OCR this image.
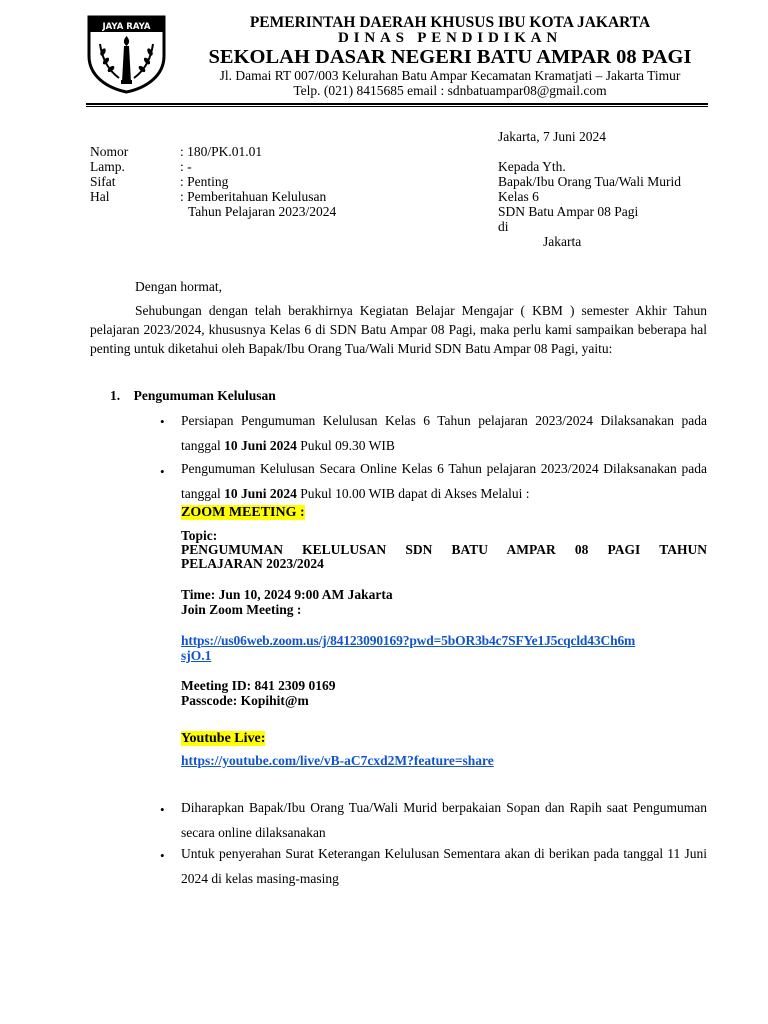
JAYA RAYA	PEMERINTAH DAERAH KHUSUS IBU KOTA JAKARTA
DINAS PENDIDIKAN
SEKOLAH DASAR NEGERI BATU AMPAR 08 PAGI
Jl. Damai RT 007/003 Kelurahan Batu Ampar Kecamatan Kramatjati – Jakarta Timur
Telp. (021) 8415685 email : sdnbatuampar08@gmail.com
Jakarta, 7 Juni 2024
Nomor	: 180/PK.01.01
Lamp.	: -
Sifat	: Penting
Hal	: Pemberitahuan Kelulusan
Tahun Pelajaran 2023/2024
Kepada Yth.
Bapak/Ibu Orang Tua/Wali Murid
Kelas 6
SDN Batu Ampar 08 Pagi
di
Jakarta
Dengan hormat,
Sehubungan dengan telah berakhirnya Kegiatan Belajar Mengajar ( KBM ) semester Akhir Tahun pelajaran 2023/2024, khususnya Kelas 6 di SDN Batu Ampar 08 Pagi, maka perlu kami sampaikan beberapa hal penting untuk diketahui oleh Bapak/Ibu Orang Tua/Wali Murid SDN Batu Ampar 08 Pagi, yaitu:
1.    Pengumuman Kelulusan
• Persiapan Pengumuman Kelulusan Kelas 6 Tahun pelajaran 2023/2024 Dilaksanakan pada tanggal 10 Juni 2024 Pukul 09.30 WIB
• Pengumuman Kelulusan Secara Online Kelas 6 Tahun pelajaran 2023/2024 Dilaksanakan pada tanggal 10 Juni 2024 Pukul 10.00 WIB dapat di Akses Melalui :
ZOOM MEETING :
Topic:
PENGUMUMAN KELULUSAN SDN BATU AMPAR 08 PAGI TAHUN
PELAJARAN 2023/2024
Time: Jun 10, 2024 9:00 AM Jakarta
Join Zoom Meeting :
https://us06web.zoom.us/j/84123090169?pwd=5bOR3b4c7SFYe1J5cqcld43Ch6m
sjO.1
Meeting ID: 841 2309 0169
Passcode: Kopihit@m
Youtube Live:
https://youtube.com/live/vB-aC7cxd2M?feature=share
• Diharapkan Bapak/Ibu Orang Tua/Wali Murid berpakaian Sopan dan Rapih saat Pengumuman secara online dilaksanakan
• Untuk penyerahan Surat Keterangan Kelulusan Sementara akan di berikan pada tanggal 11 Juni 2024 di kelas masing-masing
